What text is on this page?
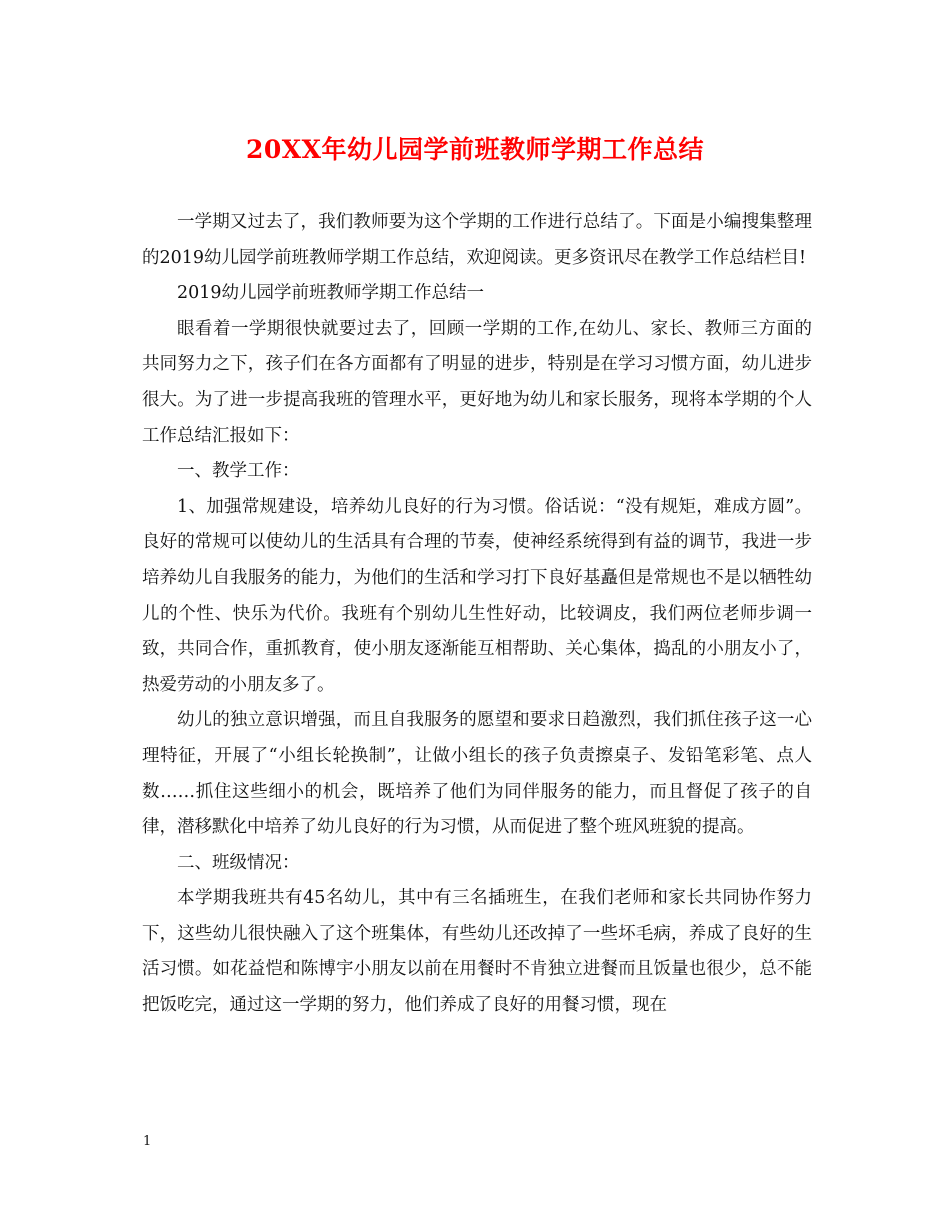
20XX年幼儿园学前班教师学期工作总结

一学期又过去了，我们教师要为这个学期的工作进行总结了。下面是小编搜集整理的2019幼儿园学前班教师学期工作总结，欢迎阅读。更多资讯尽在教学工作总结栏目!

2019幼儿园学前班教师学期工作总结一

眼看着一学期很快就要过去了，回顾一学期的工作,在幼儿、家长、教师三方面的共同努力之下，孩子们在各方面都有了明显的进步，特别是在学习习惯方面，幼儿进步很大。为了进一步提高我班的管理水平，更好地为幼儿和家长服务，现将本学期的个人工作总结汇报如下：

一、教学工作：

1、加强常规建设，培养幼儿良好的行为习惯。俗话说：“没有规矩，难成方圆”。良好的常规可以使幼儿的生活具有合理的节奏，使神经系统得到有益的调节，我进一步培养幼儿自我服务的能力，为他们的生活和学习打下良好基矗但是常规也不是以牺牲幼儿的个性、快乐为代价。我班有个别幼儿生性好动，比较调皮，我们两位老师步调一致，共同合作，重抓教育，使小朋友逐渐能互相帮助、关心集体，捣乱的小朋友小了，热爱劳动的小朋友多了。

幼儿的独立意识增强，而且自我服务的愿望和要求日趋激烈，我们抓住孩子这一心理特征，开展了“小组长轮换制”，让做小组长的孩子负责擦桌子、发铅笔彩笔、点人数……抓住这些细小的机会，既培养了他们为同伴服务的能力，而且督促了孩子的自律，潜移默化中培养了幼儿良好的行为习惯，从而促进了整个班风班貌的提高。

二、班级情况：

本学期我班共有45名幼儿，其中有三名插班生，在我们老师和家长共同协作努力下，这些幼儿很快融入了这个班集体，有些幼儿还改掉了一些坏毛病，养成了良好的生活习惯。如花益恺和陈博宇小朋友以前在用餐时不肯独立进餐而且饭量也很少，总不能把饭吃完，通过这一学期的努力，他们养成了良好的用餐习惯，现在

1
